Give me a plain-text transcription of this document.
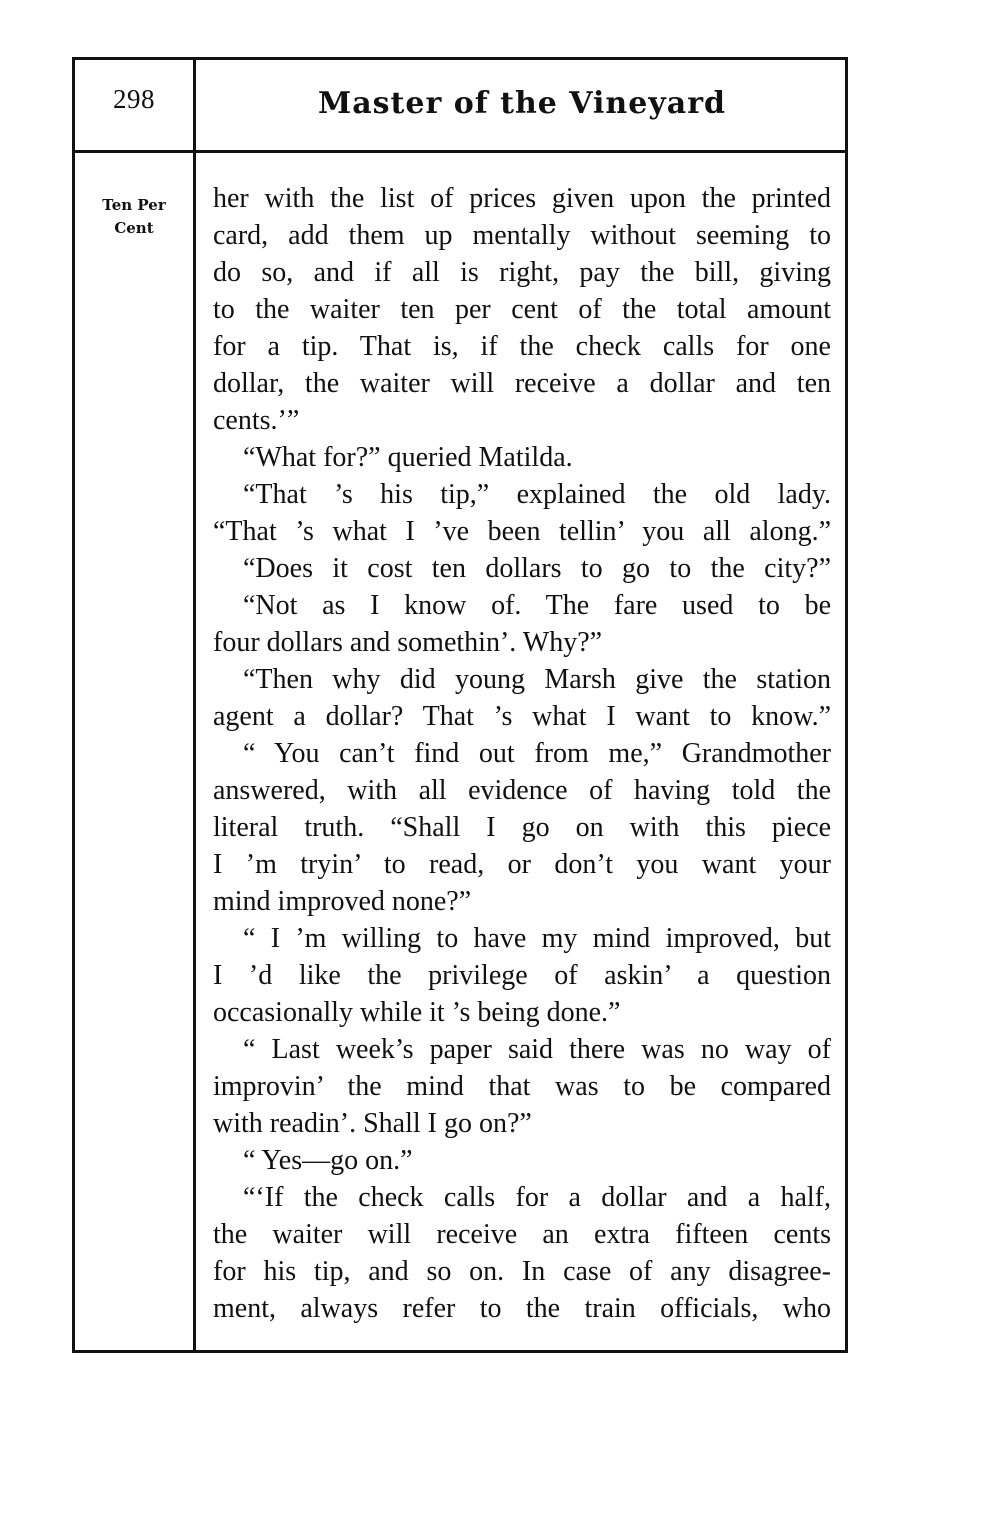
298	Master of the Vineyard
Ten Per
Cent
her with the list of prices given upon the printed
card, add them up mentally without seeming to
do so, and if all is right, pay the bill, giving
to the waiter ten per cent of the total amount
for a tip. That is, if the check calls for one
dollar, the waiter will receive a dollar and ten
cents.’”
“What for?” queried Matilda.
“That ’s his tip,” explained the old lady.
“That ’s what I ’ve been tellin’ you all along.”
“Does it cost ten dollars to go to the city?”
“Not as I know of. The fare used to be
four dollars and somethin’. Why?”
“Then why did young Marsh give the station
agent a dollar? That ’s what I want to know.”
“ You can’t find out from me,” Grandmother
answered, with all evidence of having told the
literal truth. “Shall I go on with this piece
I ’m tryin’ to read, or don’t you want your
mind improved none?”
“ I ’m willing to have my mind improved, but
I ’d like the privilege of askin’ a question
occasionally while it ’s being done.”
“ Last week’s paper said there was no way of
improvin’ the mind that was to be compared
with readin’. Shall I go on?”
“ Yes—go on.”
“‘If the check calls for a dollar and a half,
the waiter will receive an extra fifteen cents
for his tip, and so on. In case of any disagree-
ment, always refer to the train officials, who
